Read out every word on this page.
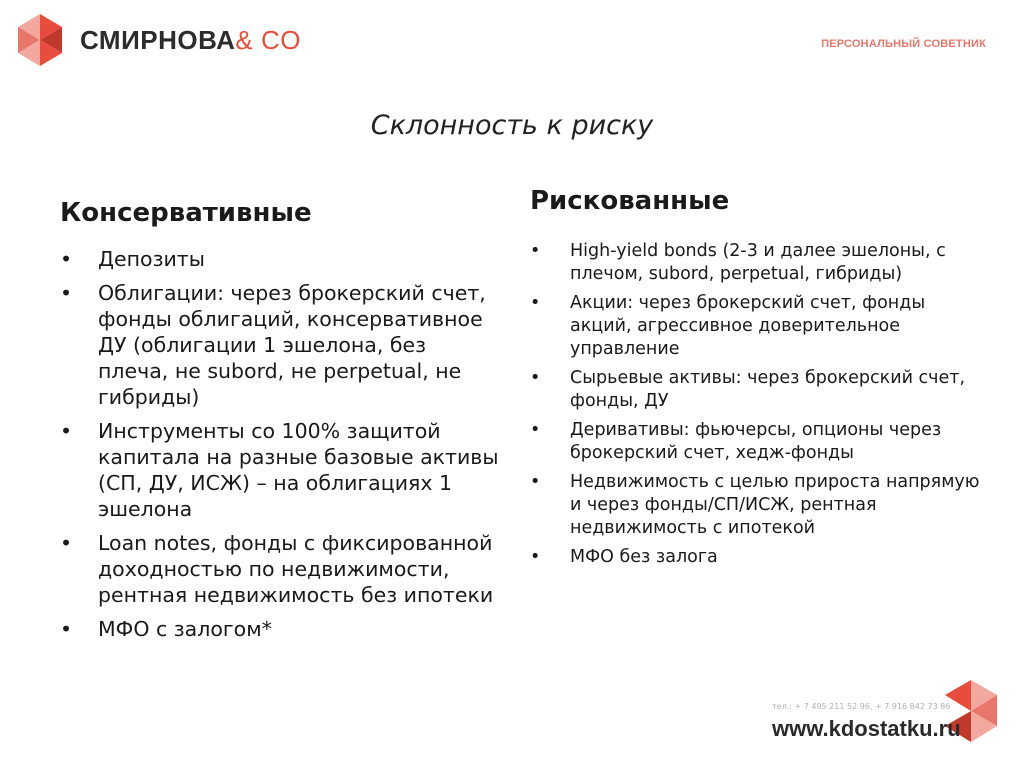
СМИРНОВА& CO	ПЕРСОНАЛЬНЫЙ СОВЕТНИК
Склонность к риску
Консервативные
• Депозиты
• Облигации: через брокерский счет, фонды облигаций, консервативное ДУ (облигации 1 эшелона, без плеча, не subord, не perpetual, не гибриды)
• Инструменты со 100% защитой капитала на разные базовые активы (СП, ДУ, ИСЖ) – на облигациях 1 эшелона
• Loan notes, фонды с фиксированной доходностью по недвижимости, рентная недвижимость без ипотеки
• МФО с залогом*
Рискованные
• High-yield bonds (2-3 и далее эшелоны, с плечом, subord, perpetual, гибриды)
• Акции: через брокерский счет, фонды акций, агрессивное доверительное управление
• Сырьевые активы: через брокерский счет, фонды, ДУ
• Деривативы: фьючерсы, опционы через брокерский счет, хедж-фонды
• Недвижимость с целью прироста напрямую и через фонды/СП/ИСЖ, рентная недвижимость с ипотекой
• МФО без залога
тел.: + 7 495 211 52 96, + 7 916 842 73 86
www.kdostatku.ru
